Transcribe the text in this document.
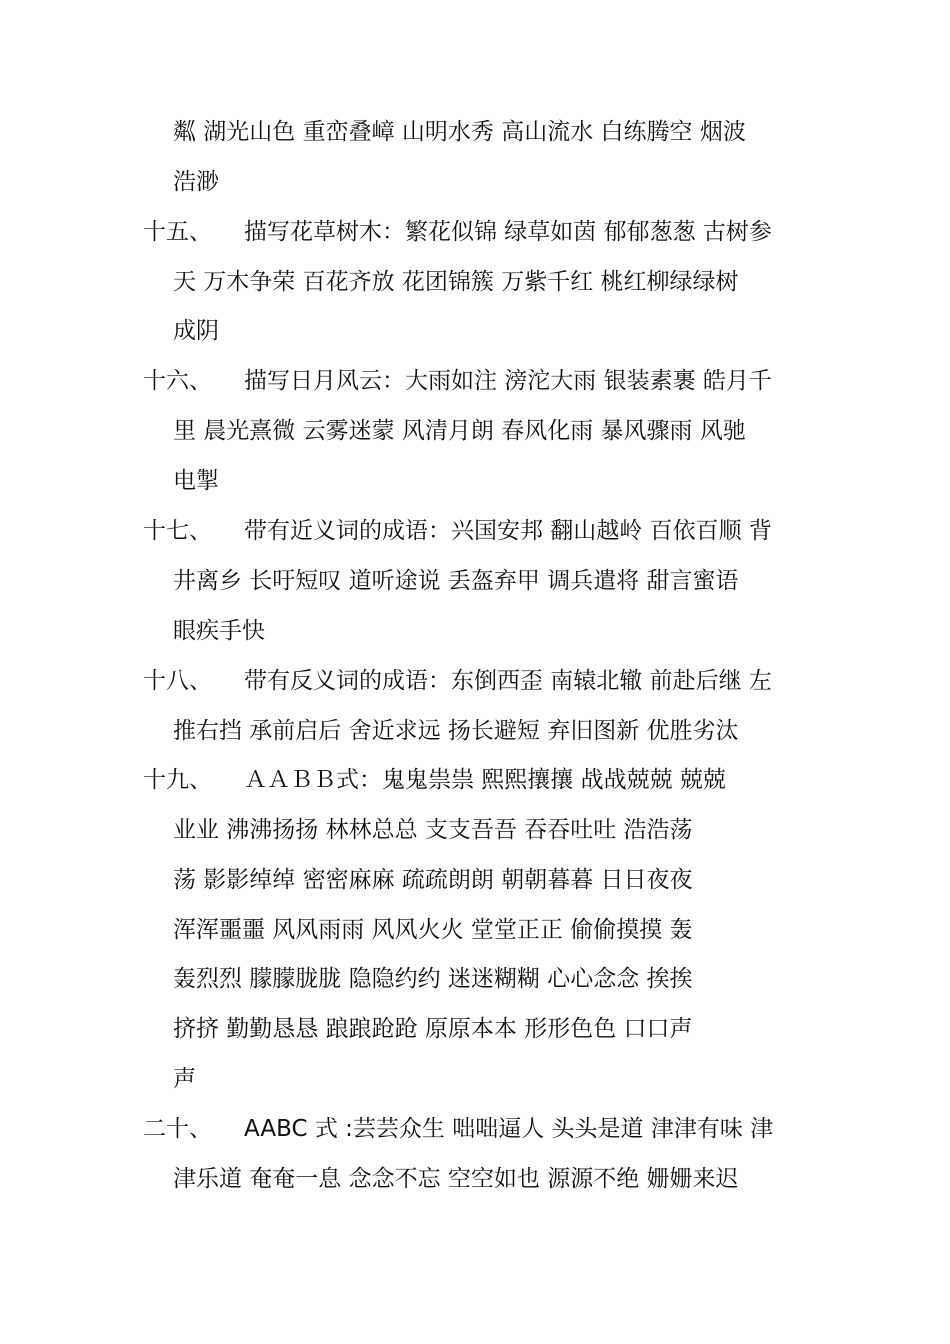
粼 湖光山色 重峦叠嶂 山明水秀 高山流水 白练腾空 烟波
浩渺
十五、 描写花草树木：繁花似锦 绿草如茵 郁郁葱葱 古树参
天 万木争荣 百花齐放 花团锦簇 万紫千红 桃红柳绿绿树
成阴
十六、 描写日月风云：大雨如注 滂沱大雨 银装素裹 皓月千
里 晨光熹微 云雾迷蒙 风清月朗 春风化雨 暴风骤雨 风驰
电掣
十七、 带有近义词的成语：兴国安邦 翻山越岭 百依百顺 背
井离乡 长吁短叹 道听途说 丢盔弃甲 调兵遣将 甜言蜜语
眼疾手快
十八、 带有反义词的成语：东倒西歪 南辕北辙 前赴后继 左
推右挡 承前启后 舍近求远 扬长避短 弃旧图新 优胜劣汰
十九、 ＡＡＢＢ式：鬼鬼祟祟 熙熙攘攘 战战兢兢 兢兢
业业 沸沸扬扬 林林总总 支支吾吾 吞吞吐吐 浩浩荡
荡 影影绰绰 密密麻麻 疏疏朗朗 朝朝暮暮 日日夜夜
浑浑噩噩 风风雨雨 风风火火 堂堂正正 偷偷摸摸 轰
轰烈烈 朦朦胧胧 隐隐约约 迷迷糊糊 心心念念 挨挨
挤挤 勤勤恳恳 踉踉跄跄 原原本本 形形色色 口口声
声
二十、 AABC 式 :芸芸众生 咄咄逼人 头头是道 津津有味 津
津乐道 奄奄一息 念念不忘 空空如也 源源不绝 姗姗来迟
